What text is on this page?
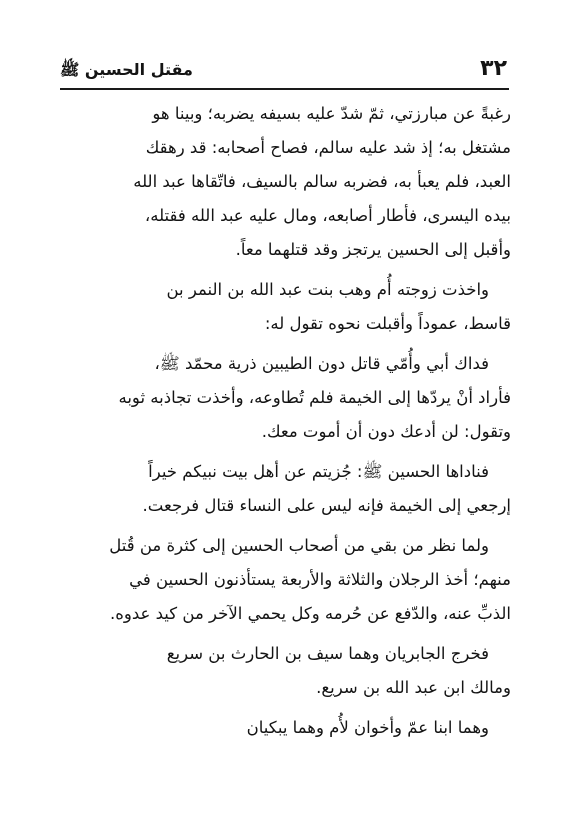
٣٢
مقتل الحسين ﷺ
رغبةً عن مبارزتي، ثمّ شدّ عليه بسيفه يضربه؛ وبينا هو
مشتغل به؛ إذ شد عليه سالم، فصاح أصحابه: قد رهقك
العبد، فلم يعبأ به، فضربه سالم بالسيف، فاتّقاها عبد الله
بيده اليسرى، فأطار أصابعه، ومال عليه عبد الله فقتله،
وأقبل إلى الحسين يرتجز وقد قتلهما معاً.
واخذت زوجته أُم وهب بنت عبد الله بن النمر بن
قاسط، عموداً وأقبلت نحوه تقول له:
فداك أبي وأُمّي قاتل دون الطيبين ذرية محمّد ﷺ،
فأراد أنْ يردّها إلى الخيمة فلم تُطاوعه، وأخذت تجاذبه ثوبه
وتقول: لن أدعك دون أن أموت معك.
فناداها الحسين ﷺ: جُزيتم عن أهل بيت نبيكم خيراً
إرجعي إلى الخيمة فإنه ليس على النساء قتال فرجعت.
ولما نظر من بقي من أصحاب الحسين إلى كثرة من قُتل
منهم؛ أخذ الرجلان والثلاثة والأربعة يستأذنون الحسين في
الذبِّ عنه، والدّفع عن حُرمه وكل يحمي الآخر من كيد عدوه.
فخرج الجابريان وهما سيف بن الحارث بن سريع
ومالك ابن عبد الله بن سريع.
وهما ابنا عمّ وأخوان لأُم وهما يبكيان
